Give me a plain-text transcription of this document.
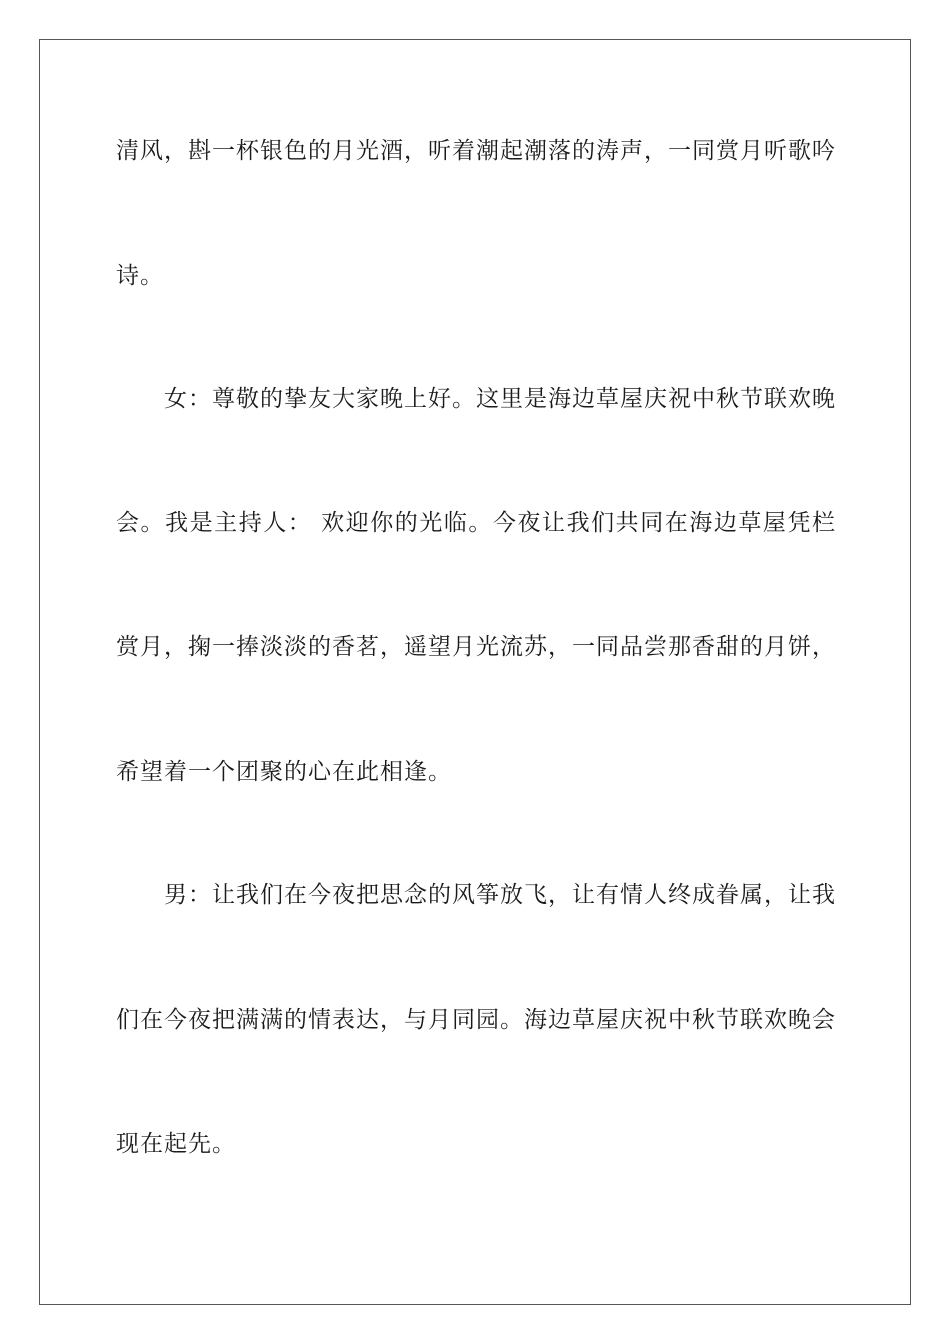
清风，斟一杯银色的月光酒，听着潮起潮落的涛声，一同赏月听歌吟
诗。
女：尊敬的挚友大家晚上好。这里是海边草屋庆祝中秋节联欢晚
会。我是主持人： 欢迎你的光临。今夜让我们共同在海边草屋凭栏
赏月，掬一捧淡淡的香茗，遥望月光流苏，一同品尝那香甜的月饼，
希望着一个团聚的心在此相逢。
男：让我们在今夜把思念的风筝放飞，让有情人终成眷属，让我
们在今夜把满满的情表达，与月同园。海边草屋庆祝中秋节联欢晚会
现在起先。
